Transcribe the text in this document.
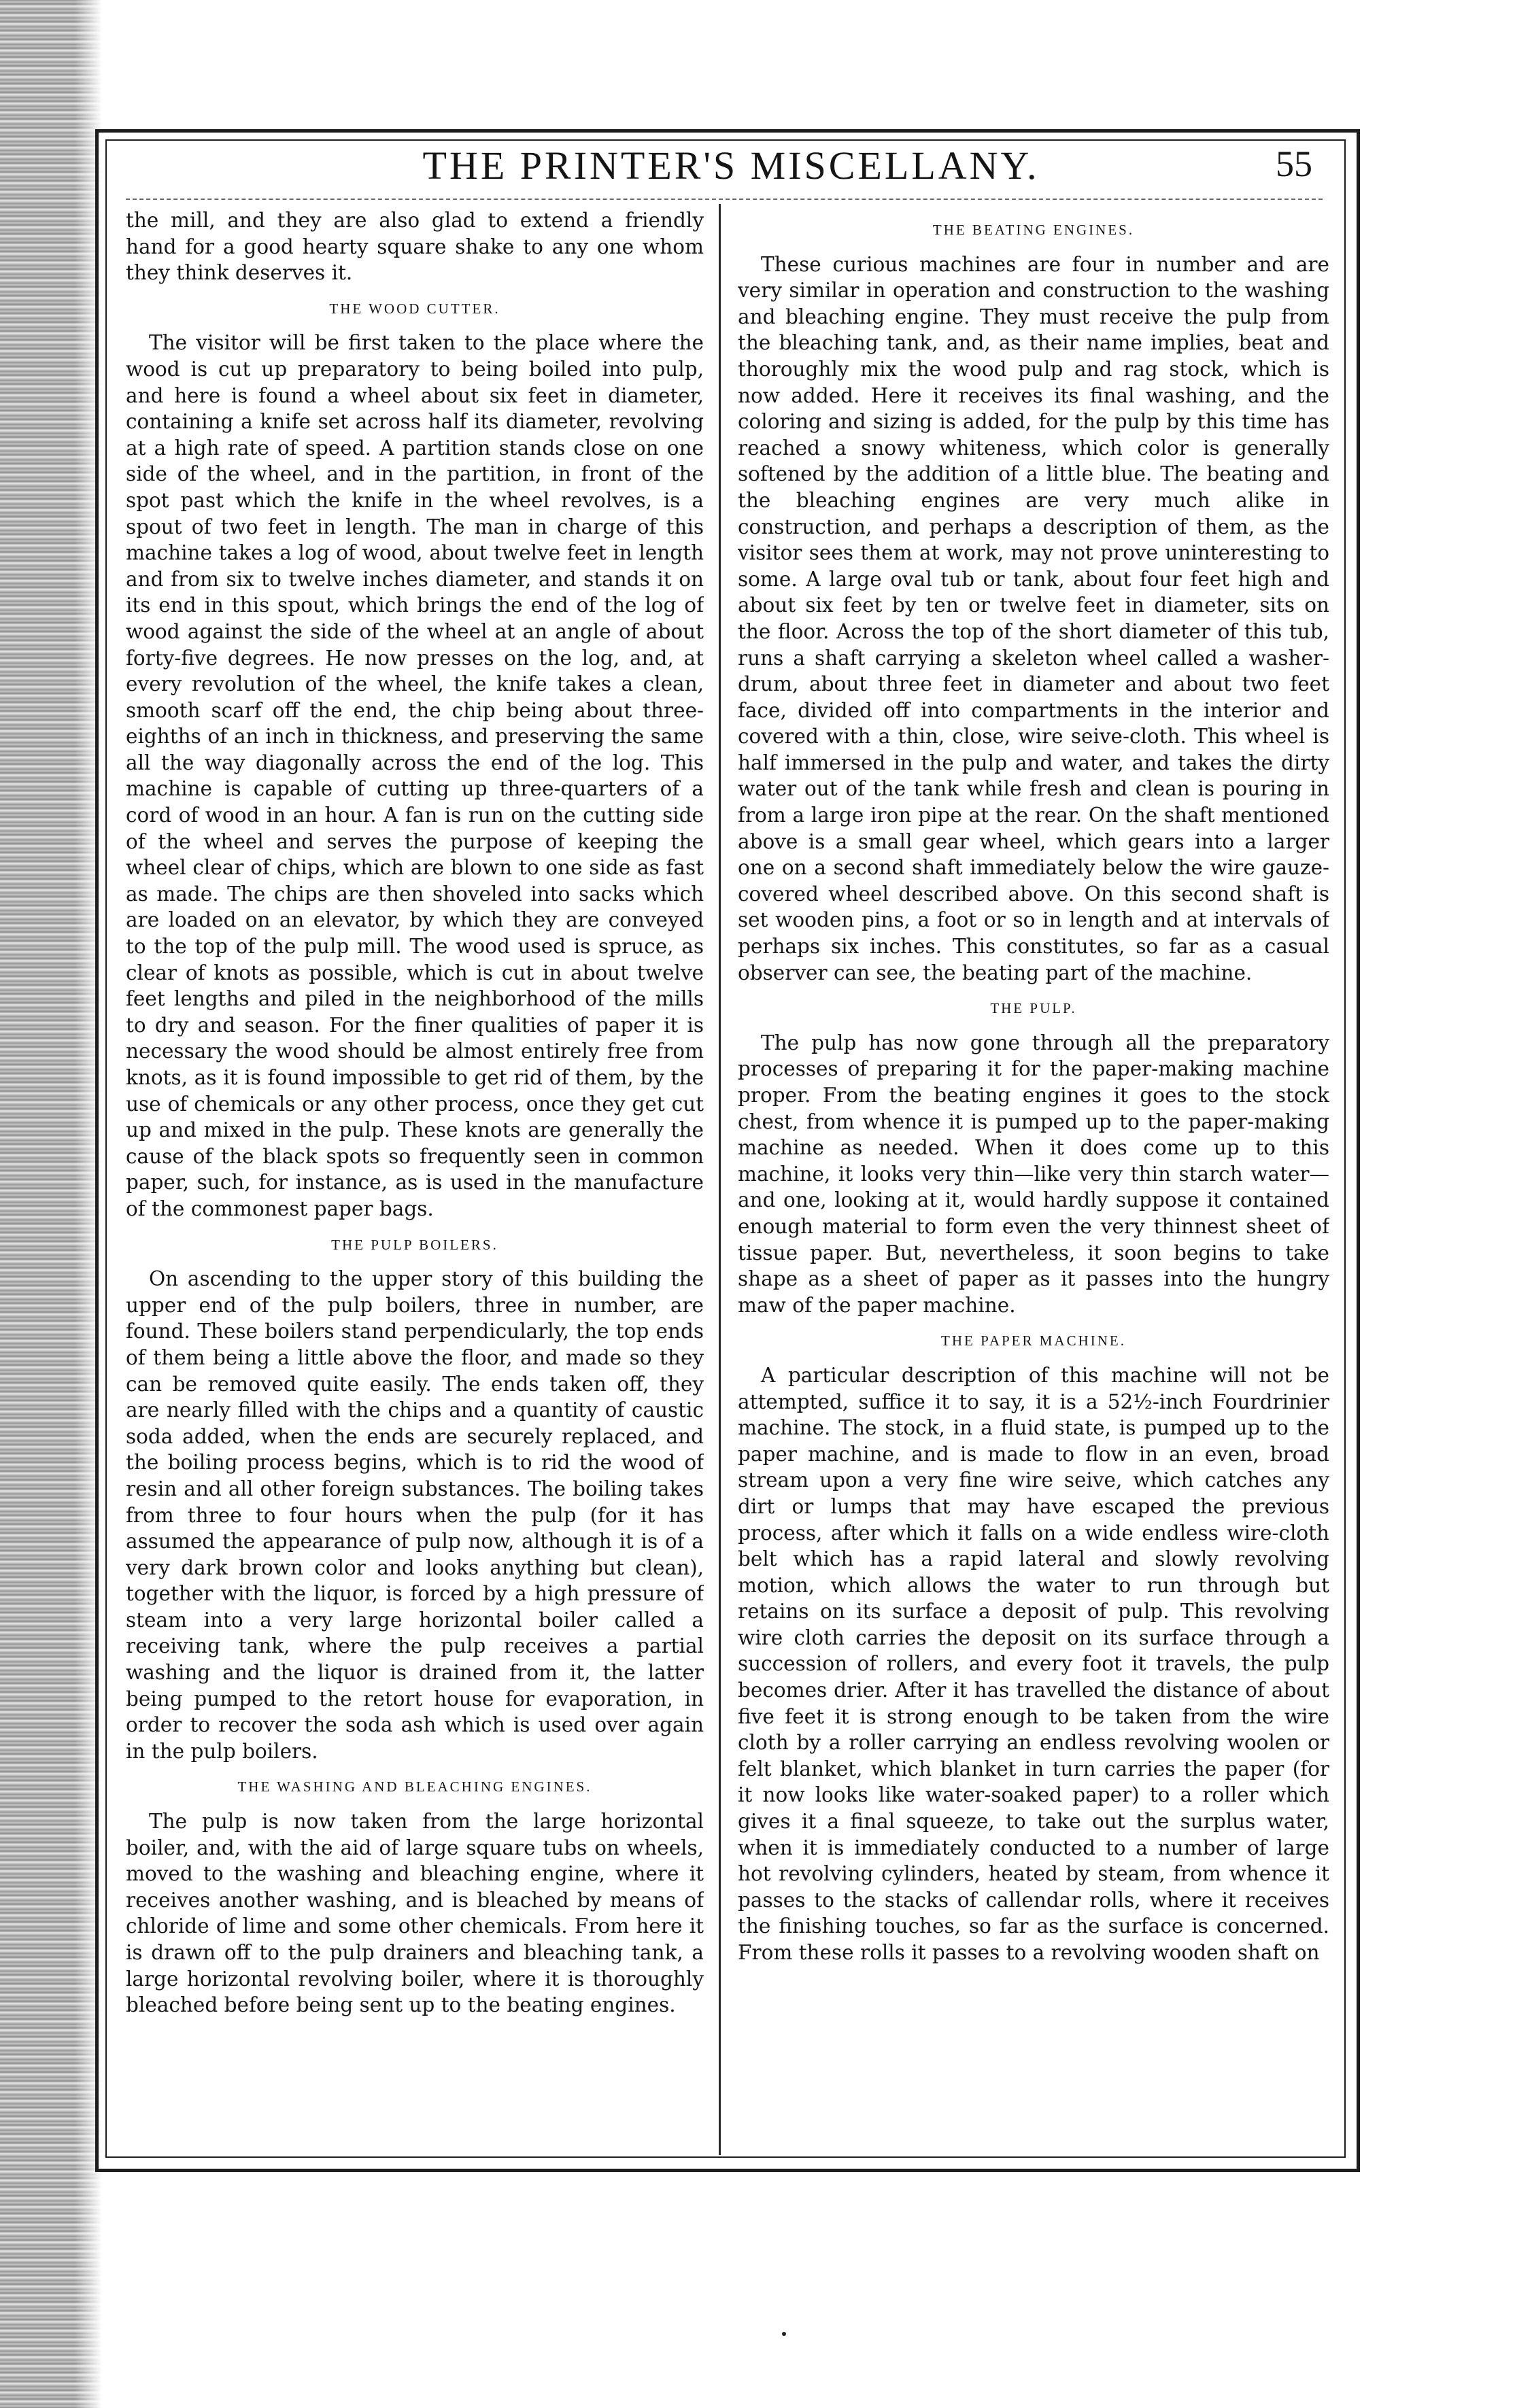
THE PRINTER'S MISCELLANY.	55

the mill, and they are also glad to extend a friendly hand for a good hearty square shake to any one whom they think deserves it.

THE WOOD CUTTER.

The visitor will be first taken to the place where the wood is cut up preparatory to being boiled into pulp, and here is found a wheel about six feet in diameter, containing a knife set across half its diameter, revolving at a high rate of speed. A partition stands close on one side of the wheel, and in the partition, in front of the spot past which the knife in the wheel revolves, is a spout of two feet in length. The man in charge of this machine takes a log of wood, about twelve feet in length and from six to twelve inches diameter, and stands it on its end in this spout, which brings the end of the log of wood against the side of the wheel at an angle of about forty-five degrees. He now presses on the log, and, at every revolution of the wheel, the knife takes a clean, smooth scarf off the end, the chip being about three-eighths of an inch in thickness, and preserving the same all the way diagonally across the end of the log. This machine is capable of cutting up three-quarters of a cord of wood in an hour. A fan is run on the cutting side of the wheel and serves the purpose of keeping the wheel clear of chips, which are blown to one side as fast as made. The chips are then shoveled into sacks which are loaded on an elevator, by which they are conveyed to the top of the pulp mill. The wood used is spruce, as clear of knots as possible, which is cut in about twelve feet lengths and piled in the neighborhood of the mills to dry and season. For the finer qualities of paper it is necessary the wood should be almost entirely free from knots, as it is found impossible to get rid of them, by the use of chemicals or any other process, once they get cut up and mixed in the pulp. These knots are generally the cause of the black spots so frequently seen in common paper, such, for instance, as is used in the manufacture of the commonest paper bags.

THE PULP BOILERS.

On ascending to the upper story of this building the upper end of the pulp boilers, three in number, are found. These boilers stand perpendicularly, the top ends of them being a little above the floor, and made so they can be removed quite easily. The ends taken off, they are nearly filled with the chips and a quantity of caustic soda added, when the ends are securely replaced, and the boiling process begins, which is to rid the wood of resin and all other foreign substances. The boiling takes from three to four hours when the pulp (for it has assumed the appearance of pulp now, although it is of a very dark brown color and looks anything but clean), together with the liquor, is forced by a high pressure of steam into a very large horizontal boiler called a receiving tank, where the pulp receives a partial washing and the liquor is drained from it, the latter being pumped to the retort house for evaporation, in order to recover the soda ash which is used over again in the pulp boilers.

THE WASHING AND BLEACHING ENGINES.

The pulp is now taken from the large horizontal boiler, and, with the aid of large square tubs on wheels, moved to the washing and bleaching engine, where it receives another washing, and is bleached by means of chloride of lime and some other chemicals. From here it is drawn off to the pulp drainers and bleaching tank, a large horizontal revolving boiler, where it is thoroughly bleached before being sent up to the beating engines.

THE BEATING ENGINES.

These curious machines are four in number and are very similar in operation and construction to the washing and bleaching engine. They must receive the pulp from the bleaching tank, and, as their name implies, beat and thoroughly mix the wood pulp and rag stock, which is now added. Here it receives its final washing, and the coloring and sizing is added, for the pulp by this time has reached a snowy whiteness, which color is generally softened by the addition of a little blue. The beating and the bleaching engines are very much alike in construction, and perhaps a description of them, as the visitor sees them at work, may not prove uninteresting to some. A large oval tub or tank, about four feet high and about six feet by ten or twelve feet in diameter, sits on the floor. Across the top of the short diameter of this tub, runs a shaft carrying a skeleton wheel called a washer-drum, about three feet in diameter and about two feet face, divided off into compartments in the interior and covered with a thin, close, wire seive-cloth. This wheel is half immersed in the pulp and water, and takes the dirty water out of the tank while fresh and clean is pouring in from a large iron pipe at the rear. On the shaft mentioned above is a small gear wheel, which gears into a larger one on a second shaft immediately below the wire gauze-covered wheel described above. On this second shaft is set wooden pins, a foot or so in length and at intervals of perhaps six inches. This constitutes, so far as a casual observer can see, the beating part of the machine.

THE PULP.

The pulp has now gone through all the preparatory processes of preparing it for the paper-making machine proper. From the beating engines it goes to the stock chest, from whence it is pumped up to the paper-making machine as needed. When it does come up to this machine, it looks very thin—like very thin starch water—and one, looking at it, would hardly suppose it contained enough material to form even the very thinnest sheet of tissue paper. But, nevertheless, it soon begins to take shape as a sheet of paper as it passes into the hungry maw of the paper machine.

THE PAPER MACHINE.

A particular description of this machine will not be attempted, suffice it to say, it is a 52½-inch Fourdrinier machine. The stock, in a fluid state, is pumped up to the paper machine, and is made to flow in an even, broad stream upon a very fine wire seive, which catches any dirt or lumps that may have escaped the previous process, after which it falls on a wide endless wire-cloth belt which has a rapid lateral and slowly revolving motion, which allows the water to run through but retains on its surface a deposit of pulp. This revolving wire cloth carries the deposit on its surface through a succession of rollers, and every foot it travels, the pulp becomes drier. After it has travelled the distance of about five feet it is strong enough to be taken from the wire cloth by a roller carrying an endless revolving woolen or felt blanket, which blanket in turn carries the paper (for it now looks like water-soaked paper) to a roller which gives it a final squeeze, to take out the surplus water, when it is immediately conducted to a number of large hot revolving cylinders, heated by steam, from whence it passes to the stacks of callendar rolls, where it receives the finishing touches, so far as the surface is concerned. From these rolls it passes to a revolving wooden shaft on
